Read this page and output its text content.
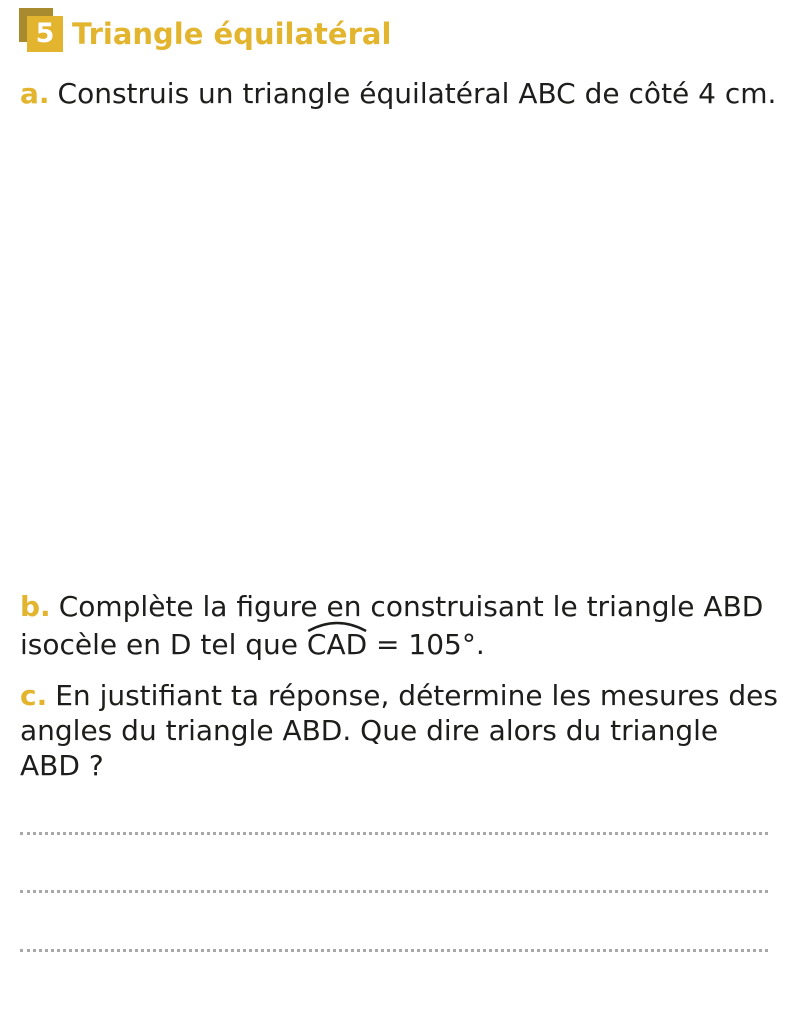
5 Triangle équilatéral
a. Construis un triangle équilatéral ABC de côté 4 cm.
b. Complète la figure en construisant le triangle ABD isocèle en D tel que
CAD = 105°.
c. En justifiant ta réponse, détermine les mesures des angles du triangle ABD. Que dire alors du triangle ABD ?
